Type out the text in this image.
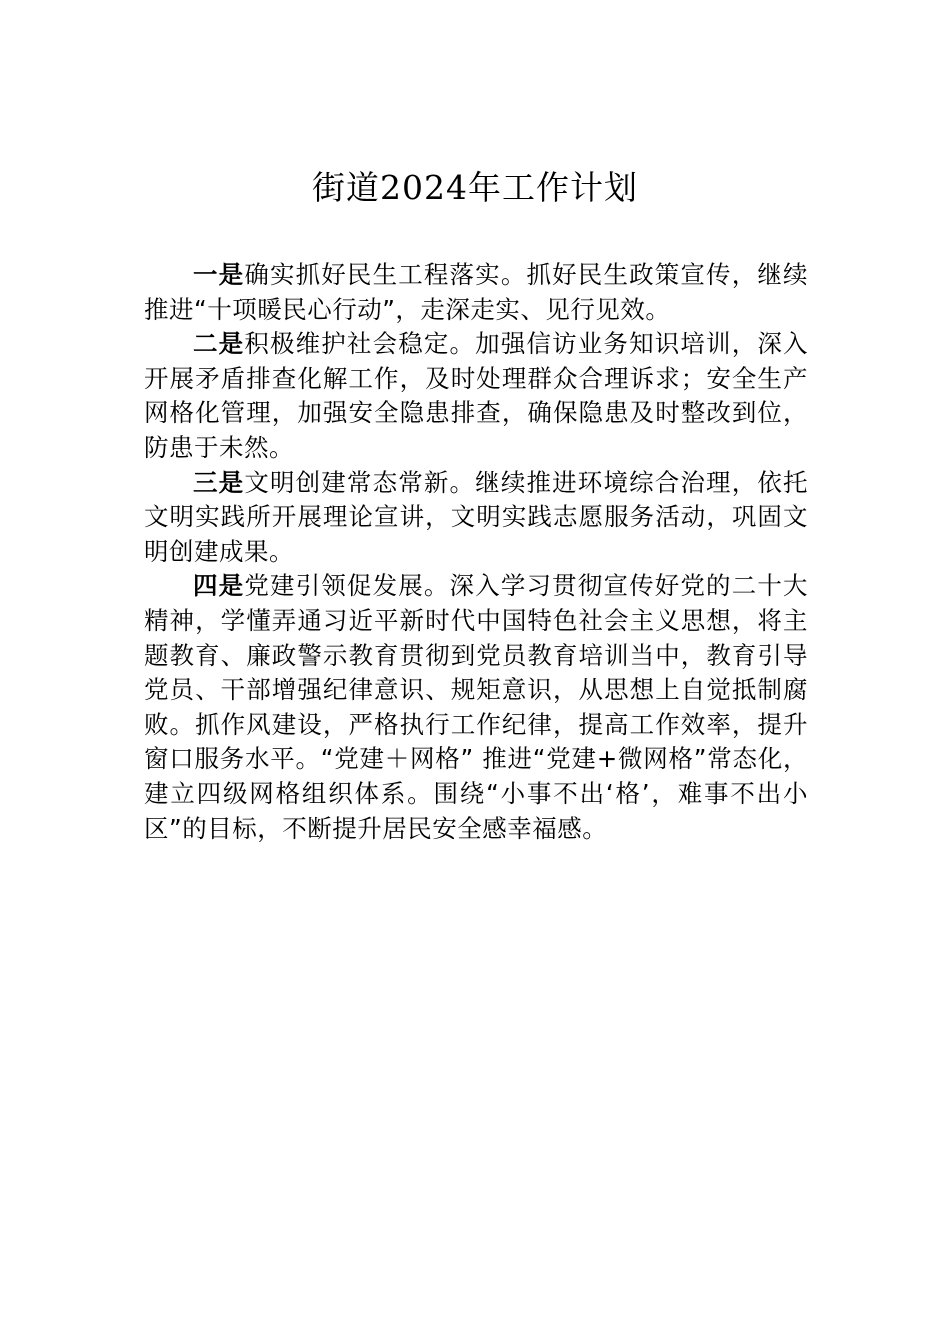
街道2024年工作计划

一是确实抓好民生工程落实。抓好民生政策宣传，继续推进“十项暖民心行动”，走深走实、见行见效。

二是积极维护社会稳定。加强信访业务知识培训，深入开展矛盾排查化解工作，及时处理群众合理诉求；安全生产网格化管理，加强安全隐患排查，确保隐患及时整改到位，防患于未然。

三是文明创建常态常新。继续推进环境综合治理，依托文明实践所开展理论宣讲，文明实践志愿服务活动，巩固文明创建成果。

四是党建引领促发展。深入学习贯彻宣传好党的二十大精神，学懂弄通习近平新时代中国特色社会主义思想，将主题教育、廉政警示教育贯彻到党员教育培训当中，教育引导党员、干部增强纪律意识、规矩意识，从思想上自觉抵制腐败。抓作风建设，严格执行工作纪律，提高工作效率，提升窗口服务水平。“党建＋网格” 推进“党建+微网格”常态化，建立四级网格组织体系。围绕“小事不出‘格’，难事不出小区”的目标，不断提升居民安全感幸福感。
